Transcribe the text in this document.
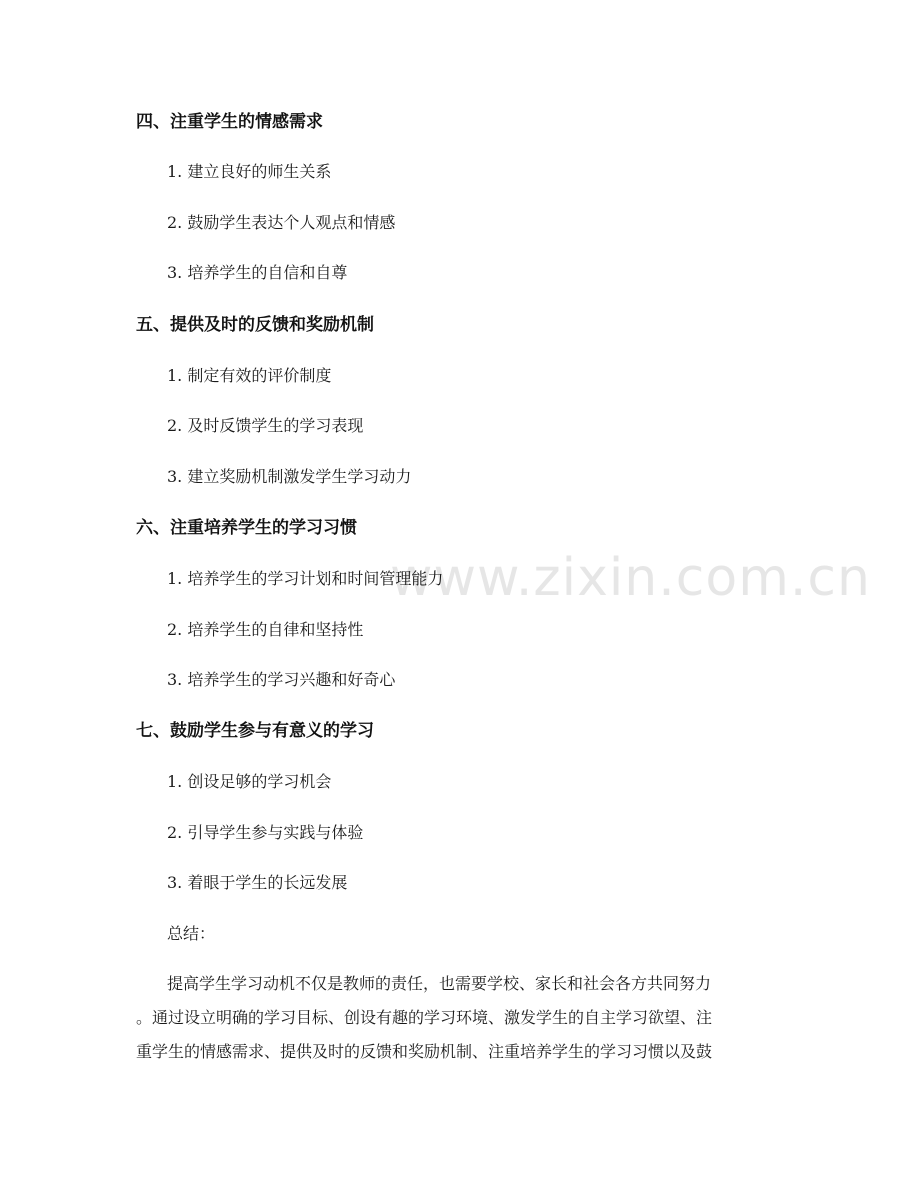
www.zixin.com.cn
四、注重学生的情感需求
1. 建立良好的师生关系
2. 鼓励学生表达个人观点和情感
3. 培养学生的自信和自尊
五、提供及时的反馈和奖励机制
1. 制定有效的评价制度
2. 及时反馈学生的学习表现
3. 建立奖励机制激发学生学习动力
六、注重培养学生的学习习惯
1. 培养学生的学习计划和时间管理能力
2. 培养学生的自律和坚持性
3. 培养学生的学习兴趣和好奇心
七、鼓励学生参与有意义的学习
1. 创设足够的学习机会
2. 引导学生参与实践与体验
3. 着眼于学生的长远发展
总结：
提高学生学习动机不仅是教师的责任，也需要学校、家长和社会各方共同努力
。通过设立明确的学习目标、创设有趣的学习环境、激发学生的自主学习欲望、注
重学生的情感需求、提供及时的反馈和奖励机制、注重培养学生的学习习惯以及鼓
